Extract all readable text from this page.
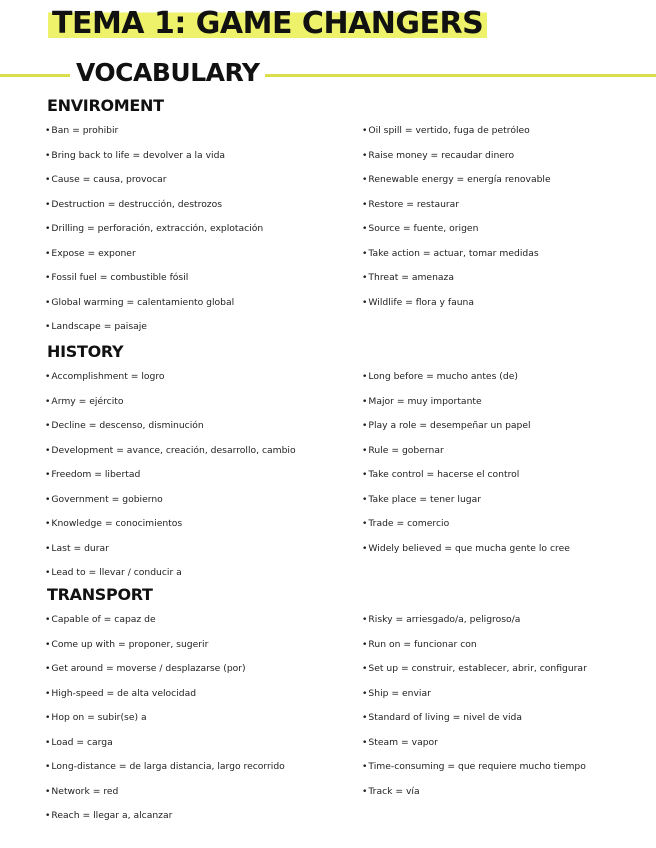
TEMA 1: GAME CHANGERS
VOCABULARY
ENVIROMENT
•Ban = prohibir
•Bring back to life = devolver a la vida
•Cause = causa, provocar
•Destruction = destrucción, destrozos
•Drilling = perforación, extracción, explotación
•Expose = exponer
•Fossil fuel = combustible fósil
•Global warming = calentamiento global
•Landscape = paisaje
•Oil spill = vertido, fuga de petróleo
•Raise money = recaudar dinero
•Renewable energy = energía renovable
•Restore = restaurar
•Source = fuente, origen
•Take action = actuar, tomar medidas
•Threat = amenaza
•Wildlife = flora y fauna
HISTORY
•Accomplishment = logro
•Army = ejército
•Decline = descenso, disminución
•Development = avance, creación, desarrollo, cambio
•Freedom = libertad
•Government = gobierno
•Knowledge = conocimientos
•Last = durar
•Lead to = llevar / conducir a
•Long before = mucho antes (de)
•Major = muy importante
•Play a role = desempeñar un papel
•Rule = gobernar
•Take control = hacerse el control
•Take place = tener lugar
•Trade = comercio
•Widely believed = que mucha gente lo cree
TRANSPORT
•Capable of = capaz de
•Come up with = proponer, sugerir
•Get around = moverse / desplazarse (por)
•High-speed = de alta velocidad
•Hop on = subir(se) a
•Load = carga
•Long-distance = de larga distancia, largo recorrido
•Network = red
•Reach = llegar a, alcanzar
•Risky = arriesgado/a, peligroso/a
•Run on = funcionar con
•Set up = construir, establecer, abrir, configurar
•Ship = enviar
•Standard of living = nivel de vida
•Steam = vapor
•Time-consuming = que requiere mucho tiempo
•Track = vía
